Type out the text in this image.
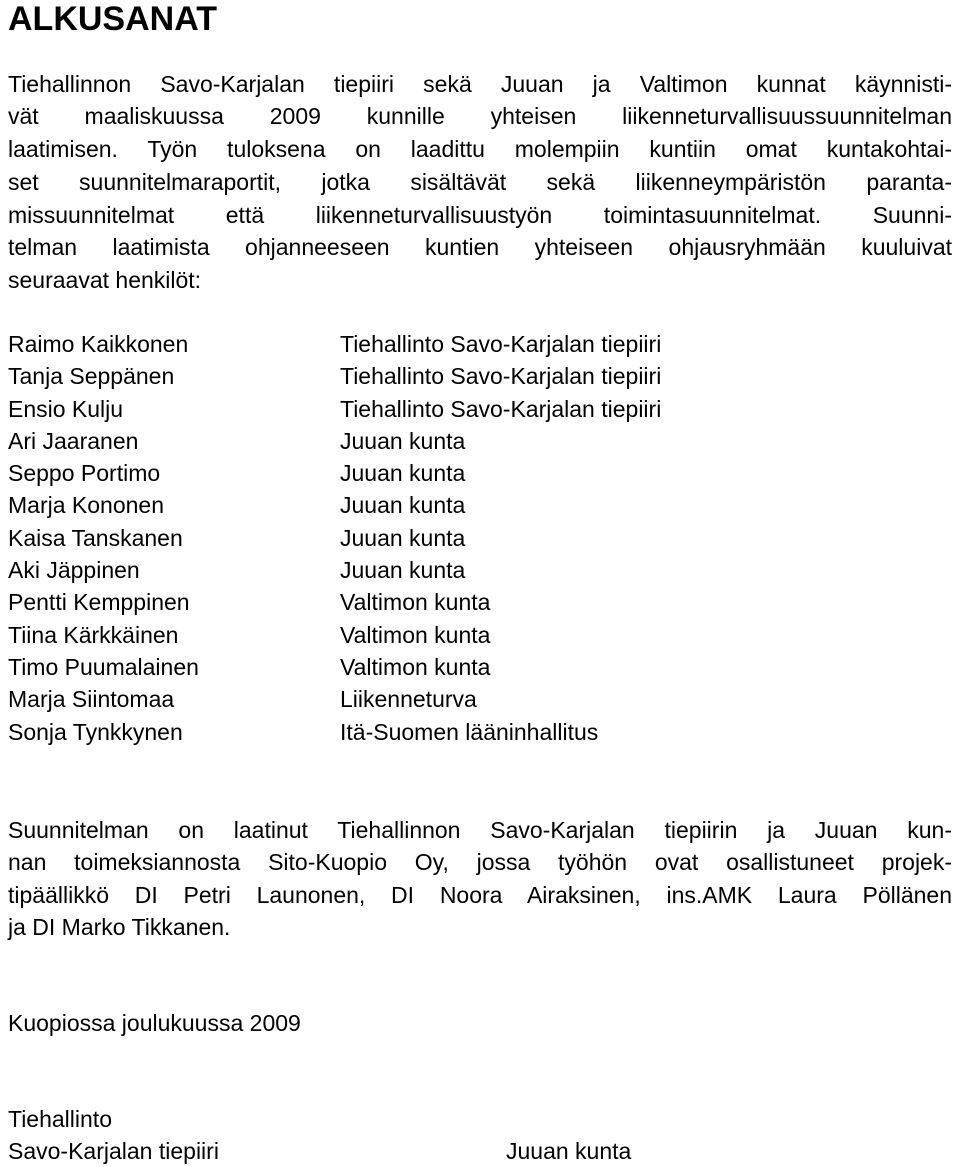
ALKUSANAT
Tiehallinnon Savo-Karjalan tiepiiri sekä Juuan ja Valtimon kunnat käynnisti-
vät maaliskuussa 2009 kunnille yhteisen liikenneturvallisuussuunnitelman
laatimisen. Työn tuloksena on laadittu molempiin kuntiin omat kuntakohtai-
set suunnitelmaraportit, jotka sisältävät sekä liikenneympäristön paranta-
missuunnitelmat että liikenneturvallisuustyön toimintasuunnitelmat. Suunni-
telman laatimista ohjanneeseen kuntien yhteiseen ohjausryhmään kuuluivat
seuraavat henkilöt:
Raimo Kaikkonen	Tiehallinto Savo-Karjalan tiepiiri
Tanja Seppänen	Tiehallinto Savo-Karjalan tiepiiri
Ensio Kulju	Tiehallinto Savo-Karjalan tiepiiri
Ari Jaaranen	Juuan kunta
Seppo Portimo	Juuan kunta
Marja Kononen	Juuan kunta
Kaisa Tanskanen	Juuan kunta
Aki Jäppinen	Juuan kunta
Pentti Kemppinen	Valtimon kunta
Tiina Kärkkäinen	Valtimon kunta
Timo Puumalainen	Valtimon kunta
Marja Siintomaa	Liikenneturva
Sonja Tynkkynen	Itä-Suomen lääninhallitus
Suunnitelman on laatinut Tiehallinnon Savo-Karjalan tiepiirin ja Juuan kun-
nan toimeksiannosta Sito-Kuopio Oy, jossa työhön ovat osallistuneet projek-
tipäällikkö DI Petri Launonen, DI Noora Airaksinen, ins.AMK Laura Pöllänen
ja DI Marko Tikkanen.
Kuopiossa joulukuussa 2009
Tiehallinto
Savo-Karjalan tiepiiri	Juuan kunta
